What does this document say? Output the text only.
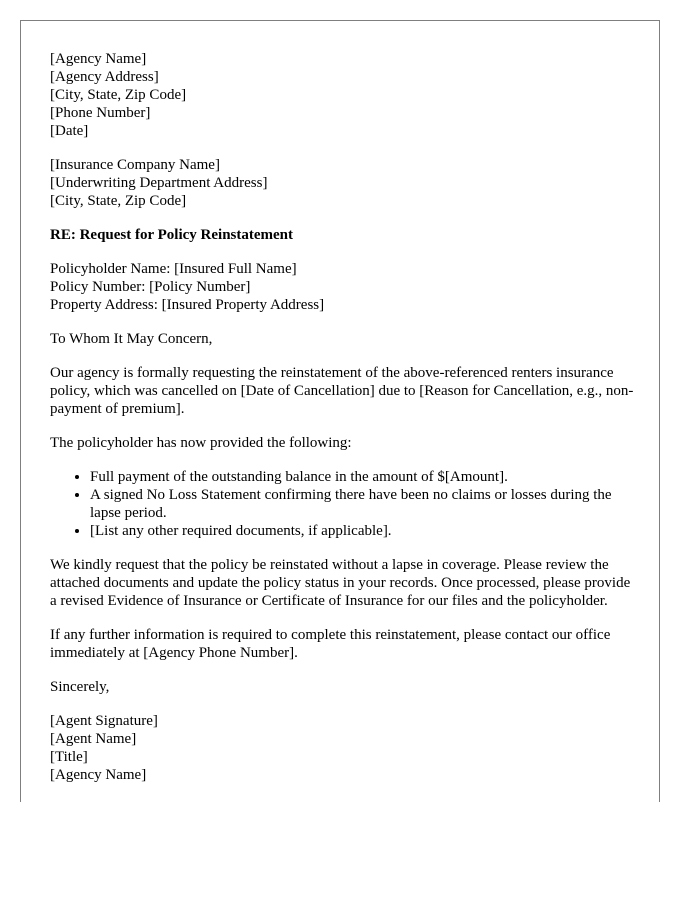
[Agency Name]
[Agency Address]
[City, State, Zip Code]
[Phone Number]
[Date]
[Insurance Company Name]
[Underwriting Department Address]
[City, State, Zip Code]
RE: Request for Policy Reinstatement
Policyholder Name: [Insured Full Name]
Policy Number: [Policy Number]
Property Address: [Insured Property Address]

To Whom It May Concern,

Our agency is formally requesting the reinstatement of the above-referenced renters insurance policy, which was cancelled on [Date of Cancellation] due to [Reason for Cancellation, e.g., non-payment of premium].

The policyholder has now provided the following:

• Full payment of the outstanding balance in the amount of $[Amount].
• A signed No Loss Statement confirming there have been no claims or losses during the lapse period.
• [List any other required documents, if applicable].

We kindly request that the policy be reinstated without a lapse in coverage. Please review the attached documents and update the policy status in your records. Once processed, please provide a revised Evidence of Insurance or Certificate of Insurance for our files and the policyholder.

If any further information is required to complete this reinstatement, please contact our office immediately at [Agency Phone Number].

Sincerely,

[Agent Signature]
[Agent Name]
[Title]
[Agency Name]
